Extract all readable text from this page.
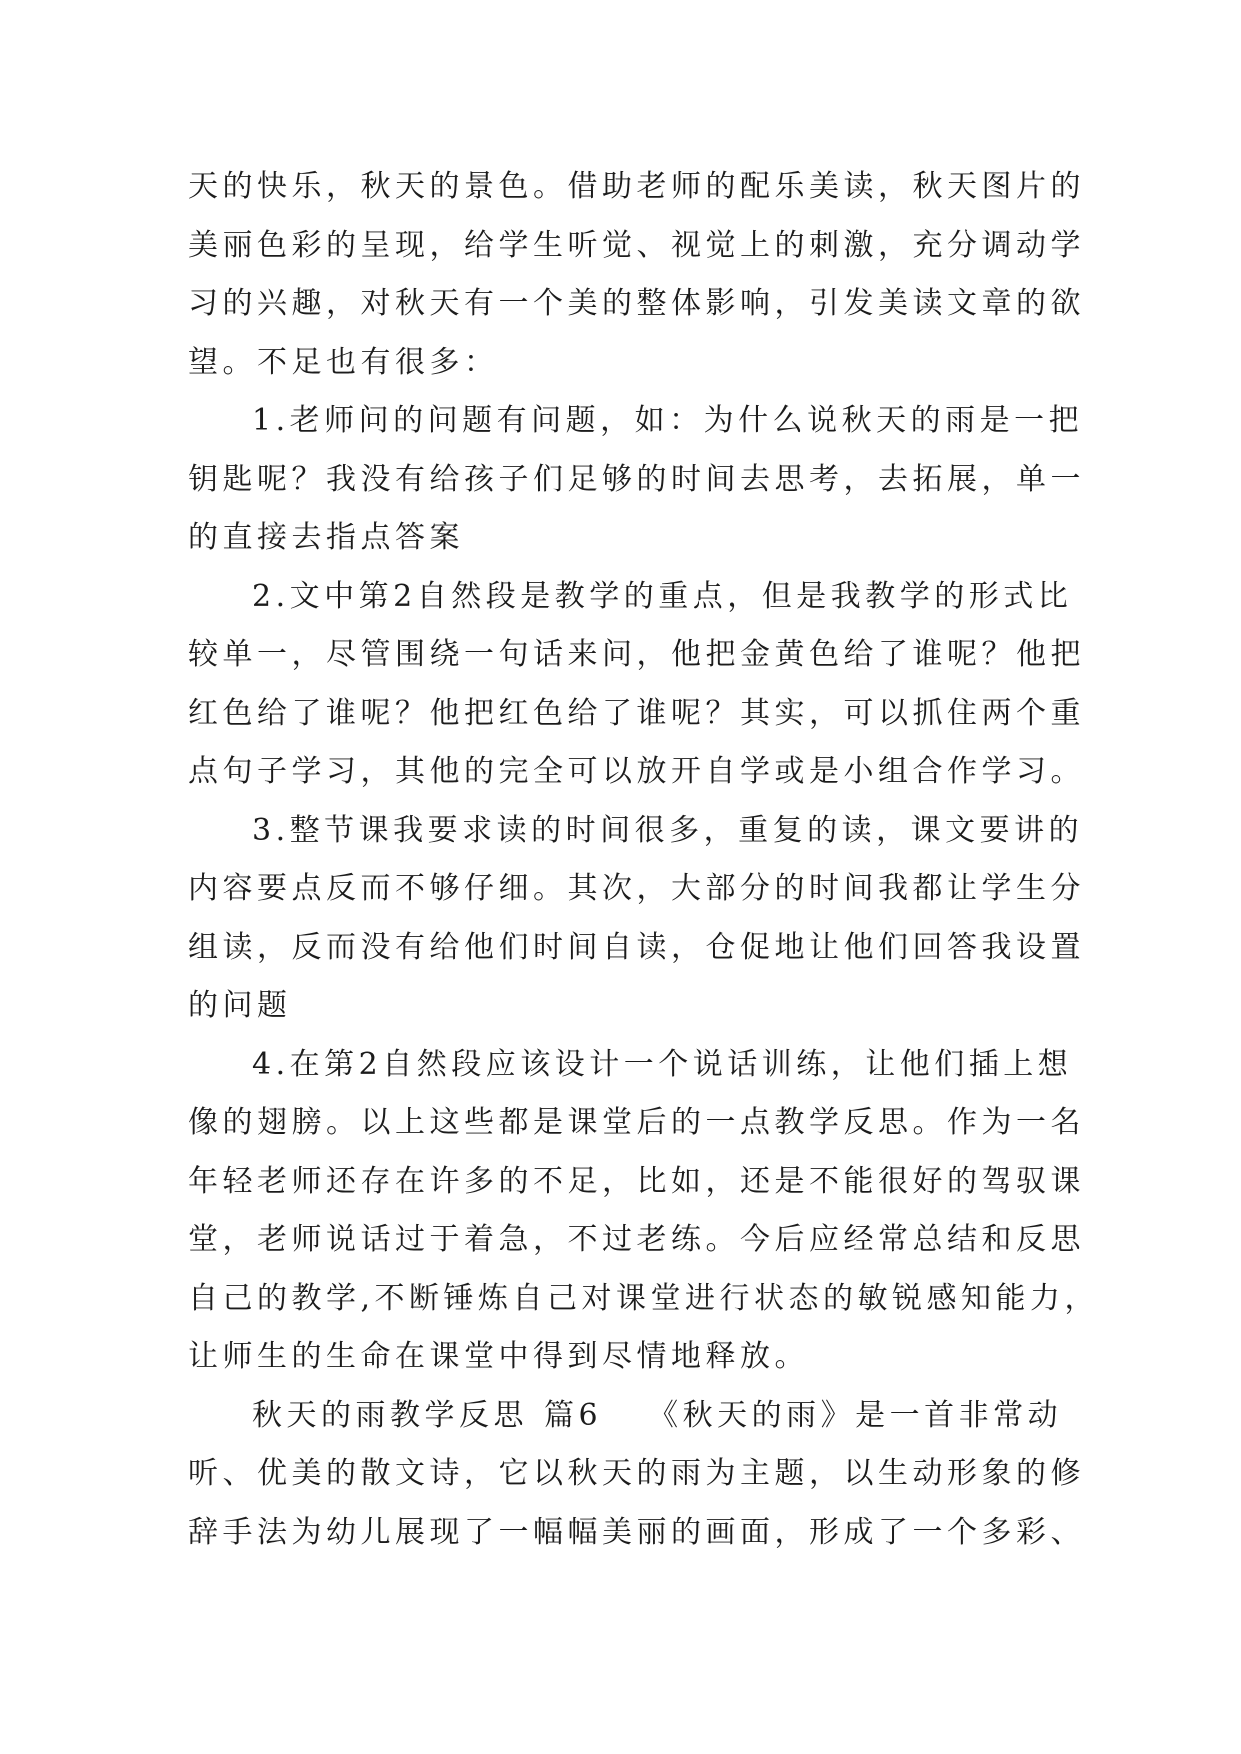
天的快乐，秋天的景色。借助老师的配乐美读，秋天图片的
美丽色彩的呈现，给学生听觉、视觉上的刺激，充分调动学
习的兴趣，对秋天有一个美的整体影响，引发美读文章的欲
望。不足也有很多：
1.老师问的问题有问题，如：为什么说秋天的雨是一把
钥匙呢？我没有给孩子们足够的时间去思考，去拓展，单一
的直接去指点答案
2.文中第2自然段是教学的重点，但是我教学的形式比
较单一，尽管围绕一句话来问，他把金黄色给了谁呢？他把
红色给了谁呢？他把红色给了谁呢？其实，可以抓住两个重
点句子学习，其他的完全可以放开自学或是小组合作学习。
3.整节课我要求读的时间很多，重复的读，课文要讲的
内容要点反而不够仔细。其次，大部分的时间我都让学生分
组读，反而没有给他们时间自读，仓促地让他们回答我设置
的问题
4.在第2自然段应该设计一个说话训练，让他们插上想
像的翅膀。以上这些都是课堂后的一点教学反思。作为一名
年轻老师还存在许多的不足，比如，还是不能很好的驾驭课
堂，老师说话过于着急，不过老练。今后应经常总结和反思
自己的教学,不断锤炼自己对课堂进行状态的敏锐感知能力，
让师生的生命在课堂中得到尽情地释放。
秋天的雨教学反思 篇6 《秋天的雨》是一首非常动
听、优美的散文诗，它以秋天的雨为主题，以生动形象的修
辞手法为幼儿展现了一幅幅美丽的画面，形成了一个多彩、
